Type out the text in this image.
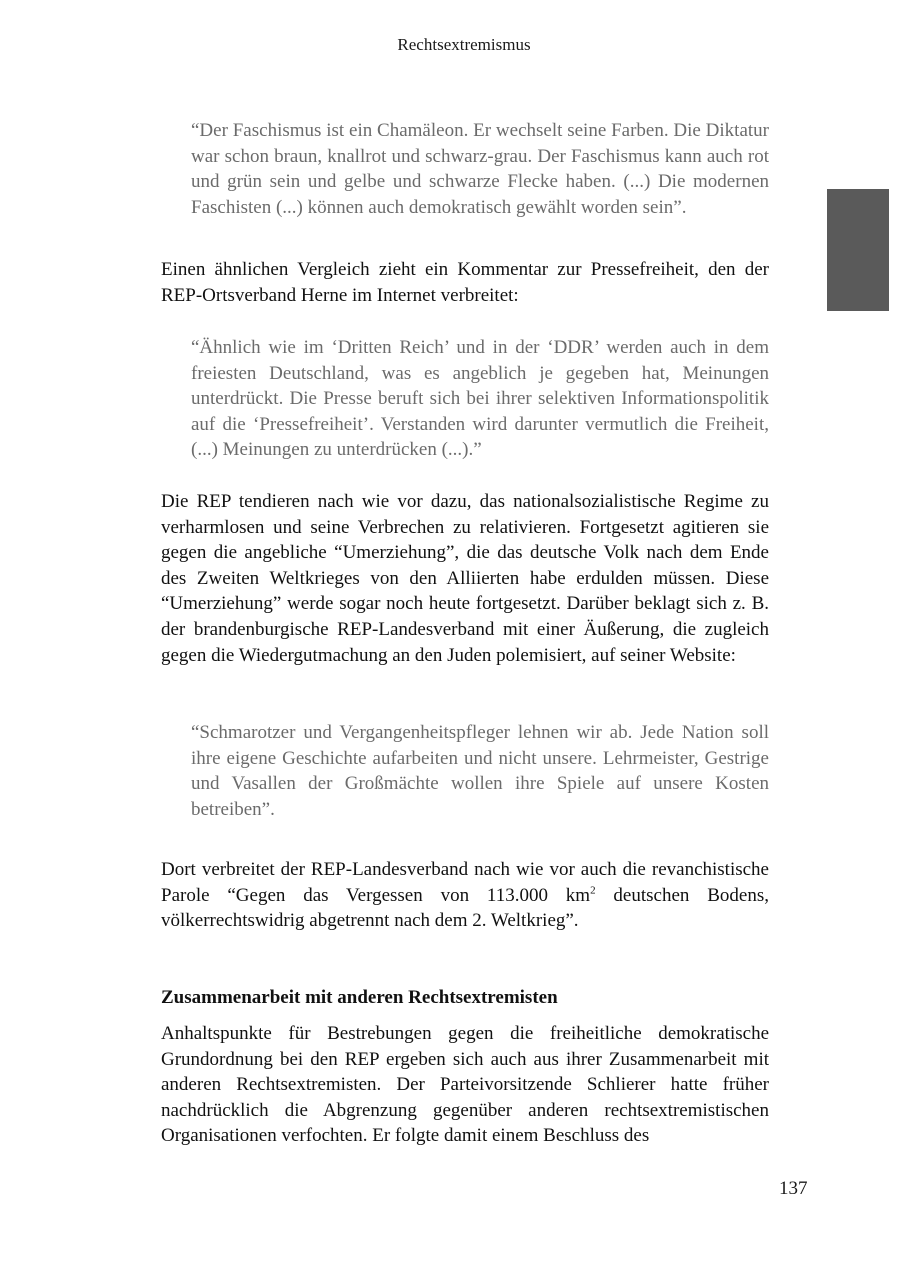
Rechtsextremismus

“Der Faschismus ist ein Chamäleon. Er wechselt seine Farben. Die Diktatur war schon braun, knallrot und schwarz-grau. Der Faschismus kann auch rot und grün sein und gelbe und schwarze Flecke haben. (...) Die modernen Faschisten (...) können auch demokratisch gewählt worden sein”.

Einen ähnlichen Vergleich zieht ein Kommentar zur Pressefreiheit, den der REP-Ortsverband Herne im Internet verbreitet:

“Ähnlich wie im ‘Dritten Reich’ und in der ‘DDR’ werden auch in dem freiesten Deutschland, was es angeblich je gegeben hat, Meinungen unterdrückt. Die Presse beruft sich bei ihrer selektiven Informationspolitik auf die ‘Pressefreiheit’. Verstanden wird darunter vermutlich die Freiheit, (...) Meinungen zu unterdrücken (...).”

Die REP tendieren nach wie vor dazu, das nationalsozialistische Regime zu verharmlosen und seine Verbrechen zu relativieren. Fortgesetzt agitieren sie gegen die angebliche “Umerziehung”, die das deutsche Volk nach dem Ende des Zweiten Weltkrieges von den Alliierten habe erdulden müssen. Diese “Umerziehung” werde sogar noch heute fortgesetzt. Darüber beklagt sich z. B. der brandenburgische REP-Landesverband mit einer Äußerung, die zugleich gegen die Wiedergutmachung an den Juden polemisiert, auf seiner Website:

“Schmarotzer und Vergangenheitspfleger lehnen wir ab. Jede Nation soll ihre eigene Geschichte aufarbeiten und nicht unsere. Lehrmeister, Gestrige und Vasallen der Großmächte wollen ihre Spiele auf unsere Kosten betreiben”.

Dort verbreitet der REP-Landesverband nach wie vor auch die revanchistische Parole “Gegen das Vergessen von 113.000 $km^2$ deutschen Bodens, völkerrechtswidrig abgetrennt nach dem 2. Weltkrieg”.

Zusammenarbeit mit anderen Rechtsextremisten

Anhaltspunkte für Bestrebungen gegen die freiheitliche demokratische Grundordnung bei den REP ergeben sich auch aus ihrer Zusammenarbeit mit anderen Rechtsextremisten. Der Parteivorsitzende Schlierer hatte früher nachdrücklich die Abgrenzung gegenüber anderen rechtsextremistischen Organisationen verfochten. Er folgte damit einem Beschluss des

137
